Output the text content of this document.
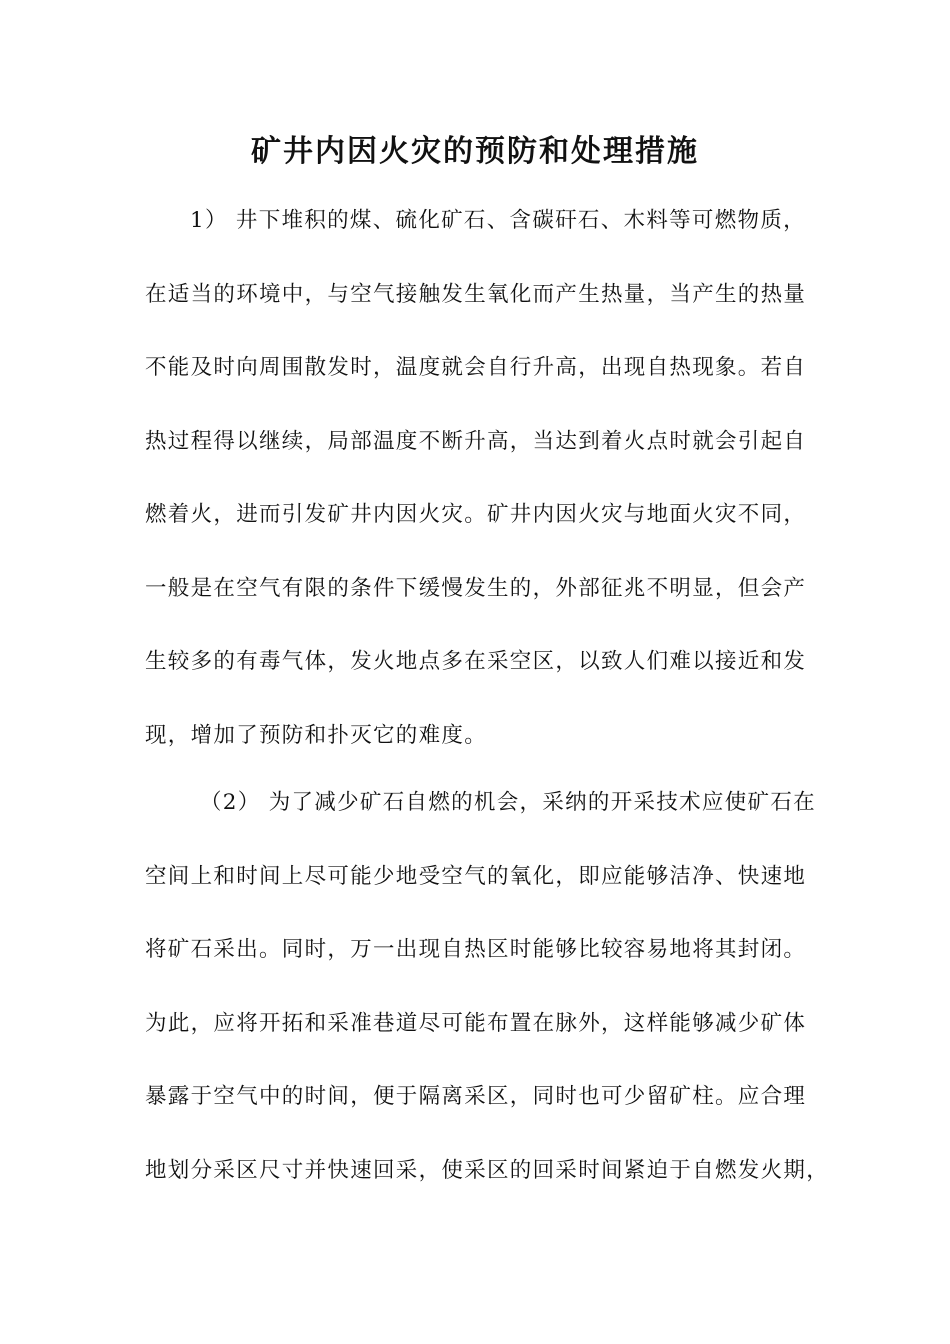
矿井内因火灾的预防和处理措施
1） 井下堆积的煤、硫化矿石、含碳矸石、木料等可燃物质，
在适当的环境中，与空气接触发生氧化而产生热量，当产生的热量
不能及时向周围散发时，温度就会自行升高，出现自热现象。若自
热过程得以继续，局部温度不断升高，当达到着火点时就会引起自
燃着火，进而引发矿井内因火灾。矿井内因火灾与地面火灾不同，
一般是在空气有限的条件下缓慢发生的，外部征兆不明显，但会产
生较多的有毒气体，发火地点多在采空区，以致人们难以接近和发
现，增加了预防和扑灭它的难度。
（2） 为了减少矿石自燃的机会，采纳的开采技术应使矿石在
空间上和时间上尽可能少地受空气的氧化，即应能够洁净、快速地
将矿石采出。同时，万一出现自热区时能够比较容易地将其封闭。
为此，应将开拓和采准巷道尽可能布置在脉外，这样能够减少矿体
暴露于空气中的时间，便于隔离采区，同时也可少留矿柱。应合理
地划分采区尺寸并快速回采，使采区的回采时间紧迫于自燃发火期，
